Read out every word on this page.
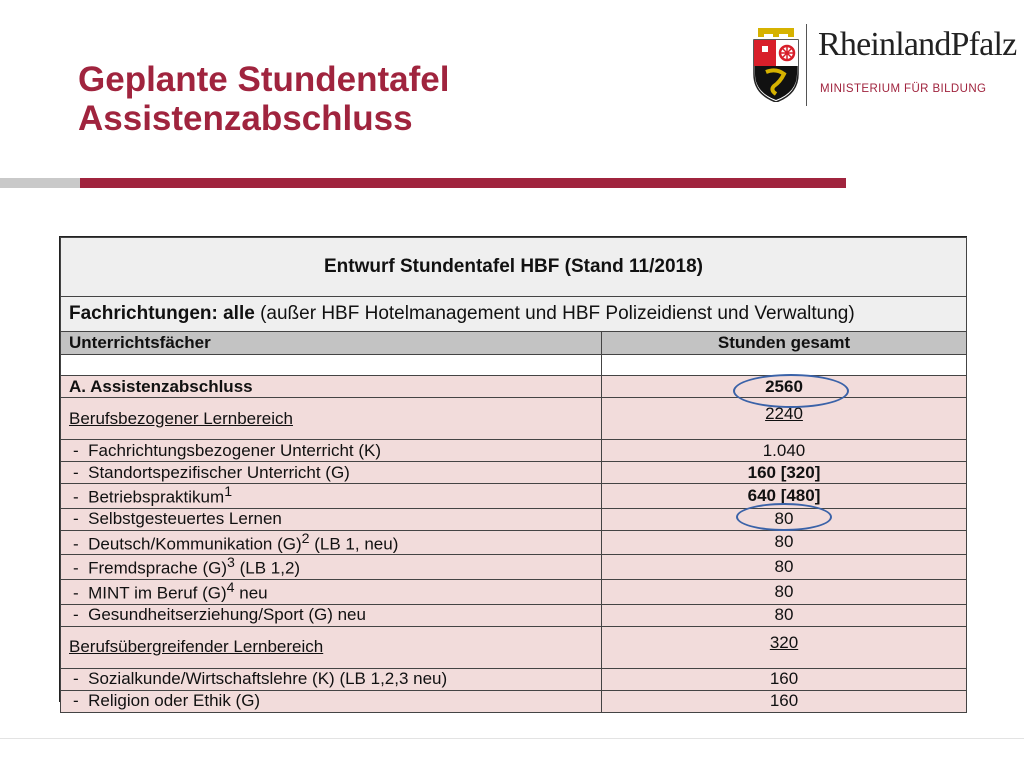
Geplante Stundentafel
Assistenzabschluss
RheinlandPfalz
MINISTERIUM FÜR BILDUNG
Entwurf Stundentafel HBF (Stand 11/2018)	
Fachrichtungen: alle (außer HBF Hotelmanagement und HBF Polizeidienst und Verwaltung)	
Unterrichtsfächer	Stunden gesamt

A. Assistenzabschluss	2560
Berufsbezogener Lernbereich	2240
- Fachrichtungsbezogener Unterricht (K)	1.040
- Standortspezifischer Unterricht (G)	160 [320]
- Betriebspraktikum$^1$	640 [480]
- Selbstgesteuertes Lernen	80
- Deutsch/Kommunikation $(G)^2$ (LB 1, neu)	80
- Fremdsprache $(G)^3$ (LB 1,2)	80
- MINT im Beruf $(G)^4$ neu	80
- Gesundheitserziehung/Sport (G) neu	80
Berufsübergreifender Lernbereich	320
- Sozialkunde/Wirtschaftslehre (K) (LB 1,2,3 neu)	160
- Religion oder Ethik (G)	160
